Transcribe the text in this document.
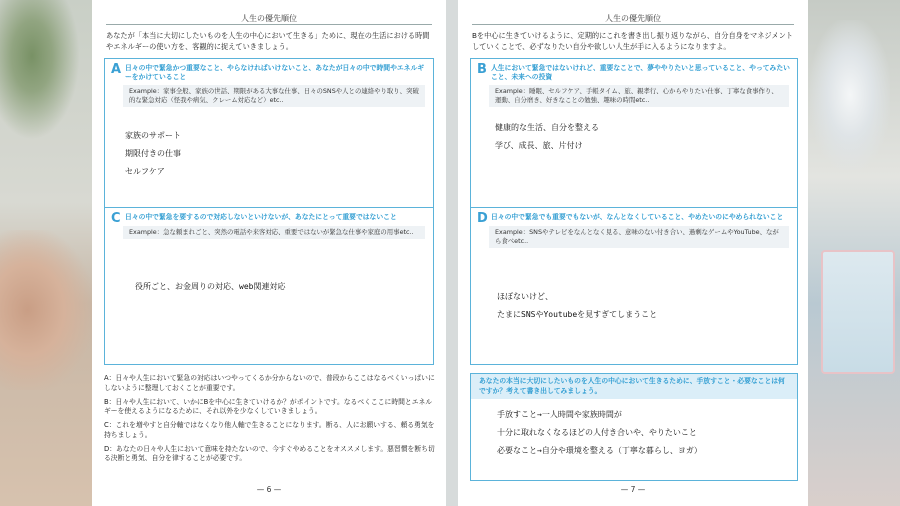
人生の優先順位
あなたが「本当に大切にしたいものを人生の中心において生きる」ために、現在の生活における時間やエネルギーの使い方を、客観的に捉えていきましょう。
A 日々の中で緊急かつ重要なこと、やらなければいけないこと、あなたが日々の中で時間やエネルギーをかけていること
Example：家事全般、家族の世話、期限がある大事な仕事、日々のSNSや人との連絡やり取り、突破的な緊急対応（怪我や病気、クレーム対応など）etc..
家族のサポート
期限付きの仕事
セルフケア
C 日々の中で緊急を要するので対応しないといけないが、あなたにとって重要ではないこと
Example：急な頼まれごと、突然の電話や来客対応、重要ではないが緊急な仕事や家庭の用事etc..
役所ごと、お金周りの対応、web関連対応

A：日々や人生において緊急の対応はいつやってくるか分からないので、普段からここはなるべくいっぱいにしないように整理しておくことが重要です。

B：日々や人生において、いかにBを中心に生きていけるか？がポイントです。なるべくここに時間とエネルギーを使えるようになるために、それ以外を少なくしていきましょう。

C：これを増やすと自分軸ではなくなり他人軸で生きることになります。断る、人にお願いする、頼る勇気を持ちましょう。

D：あなたの日々や人生において意味を持たないので、今すぐやめることをオススメします。悪習慣を断ち切る決断と勇気、自分を律することが必要です。

— 6 —
人生の優先順位
Bを中心に生きていけるように、定期的にこれを書き出し振り返りながら、自分自身をマネジメントしていくことで、必ずなりたい自分や欲しい人生が手に入るようになりますよ。
B 人生において緊急ではないけれど、重要なことで、夢ややりたいと思っていること、やってみたいこと、未来への投資
Example：睡眠、セルフケア、手帳タイム、旅、親孝行、心からやりたい仕事、丁寧な食事作り、運動、自分磨き、好きなことの勉強、趣味の時間etc..
健康的な生活、自分を整える
学び、成長、旅、片付け
D 日々の中で緊急でも重要でもないが、なんとなくしていること、やめたいのにやめられないこと
Example：SNSやテレビをなんとなく見る、意味のない付き合い、過剰なゲームやYouTube、ながら食べetc..
ほぼないけど、
たまにSNSやYoutubeを見すぎてしまうこと
あなたの本当に大切にしたいものを人生の中心において生きるために、手放すこと・必要なことは何ですか？考えて書き出してみましょう。
手放すこと→一人時間や家族時間が
十分に取れなくなるほどの人付き合いや、やりたいこと
必要なこと→自分や環境を整える（丁寧な暮らし、ヨガ）
— 7 —
